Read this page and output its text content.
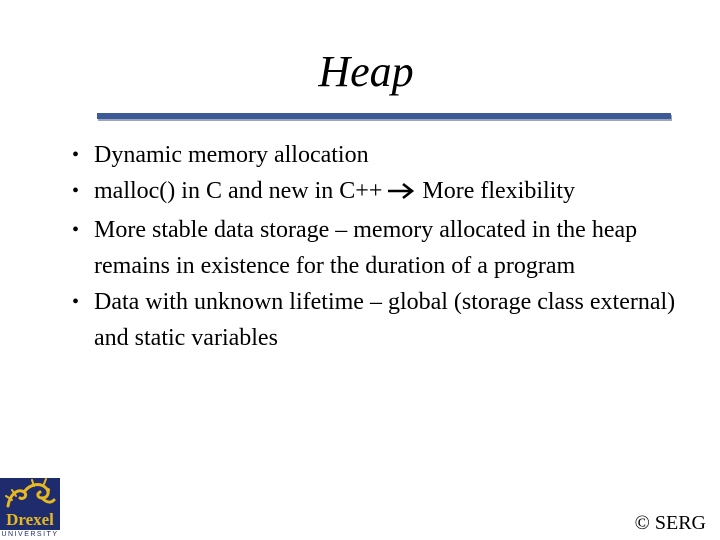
Heap
• Dynamic memory allocation
• malloc() in C and new in C++ More flexibility
• More stable data storage – memory allocated in the heap remains in existence for the duration of a program
• Data with unknown lifetime – global (storage class external) and static variables
Drexel
UNIVERSITY
© SERG
